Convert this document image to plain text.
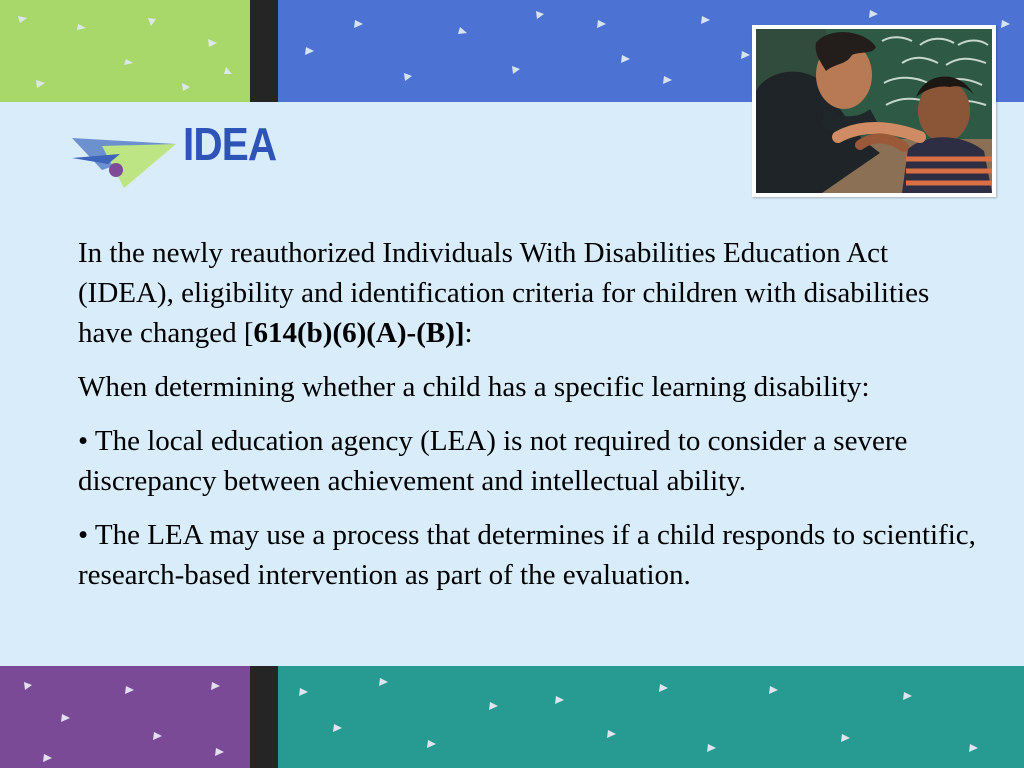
IDEA

In the newly reauthorized Individuals With Disabilities Education Act (IDEA), eligibility and identification criteria for children with disabilities have changed [614(b)(6)(A)-(B)]:

When determining whether a child has a specific learning disability:

• The local education agency (LEA) is not required to consider a severe discrepancy between achievement and intellectual ability.

• The LEA may use a process that determines if a child responds to scientific, research-based intervention as part of the evaluation.
